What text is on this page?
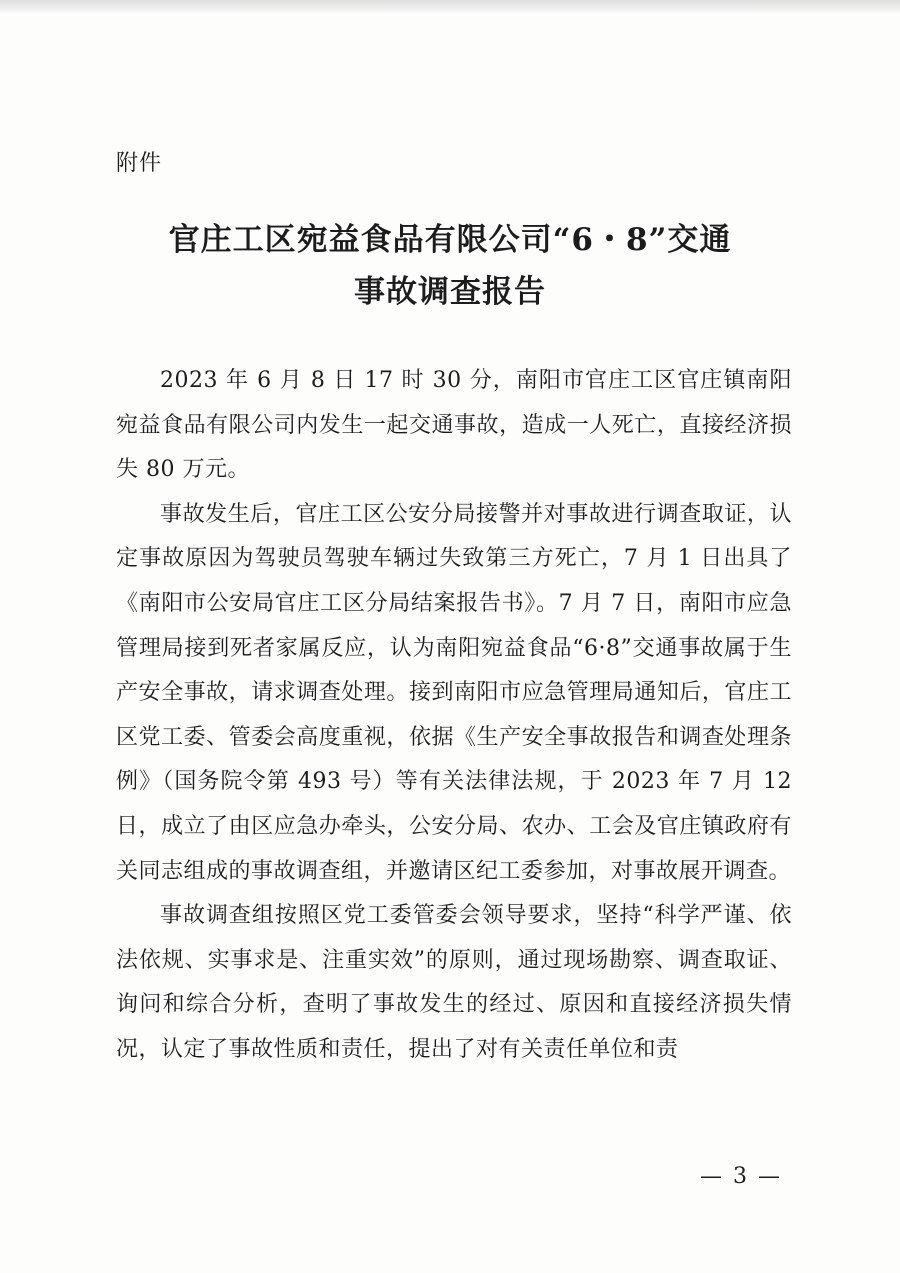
附件
官庄工区宛益食品有限公司“6・8”交通
事故调查报告

2023 年 6 月 8 日 17 时 30 分，南阳市官庄工区官庄镇南阳宛益食品有限公司内发生一起交通事故，造成一人死亡，直接经济损失 80 万元。

事故发生后，官庄工区公安分局接警并对事故进行调查取证，认定事故原因为驾驶员驾驶车辆过失致第三方死亡，7 月 1 日出具了《南阳市公安局官庄工区分局结案报告书》。7 月 7 日，南阳市应急管理局接到死者家属反应，认为南阳宛益食品“6·8”交通事故属于生产安全事故，请求调查处理。接到南阳市应急管理局通知后，官庄工区党工委、管委会高度重视，依据《生产安全事故报告和调查处理条例》（国务院令第 493 号）等有关法律法规，于 2023 年 7 月 12 日，成立了由区应急办牵头，公安分局、农办、工会及官庄镇政府有关同志组成的事故调查组，并邀请区纪工委参加，对事故展开调查。

事故调查组按照区党工委管委会领导要求，坚持“科学严谨、依法依规、实事求是、注重实效”的原则，通过现场勘察、调查取证、询问和综合分析，查明了事故发生的经过、原因和直接经济损失情况，认定了事故性质和责任，提出了对有关责任单位和责

— 3 —
